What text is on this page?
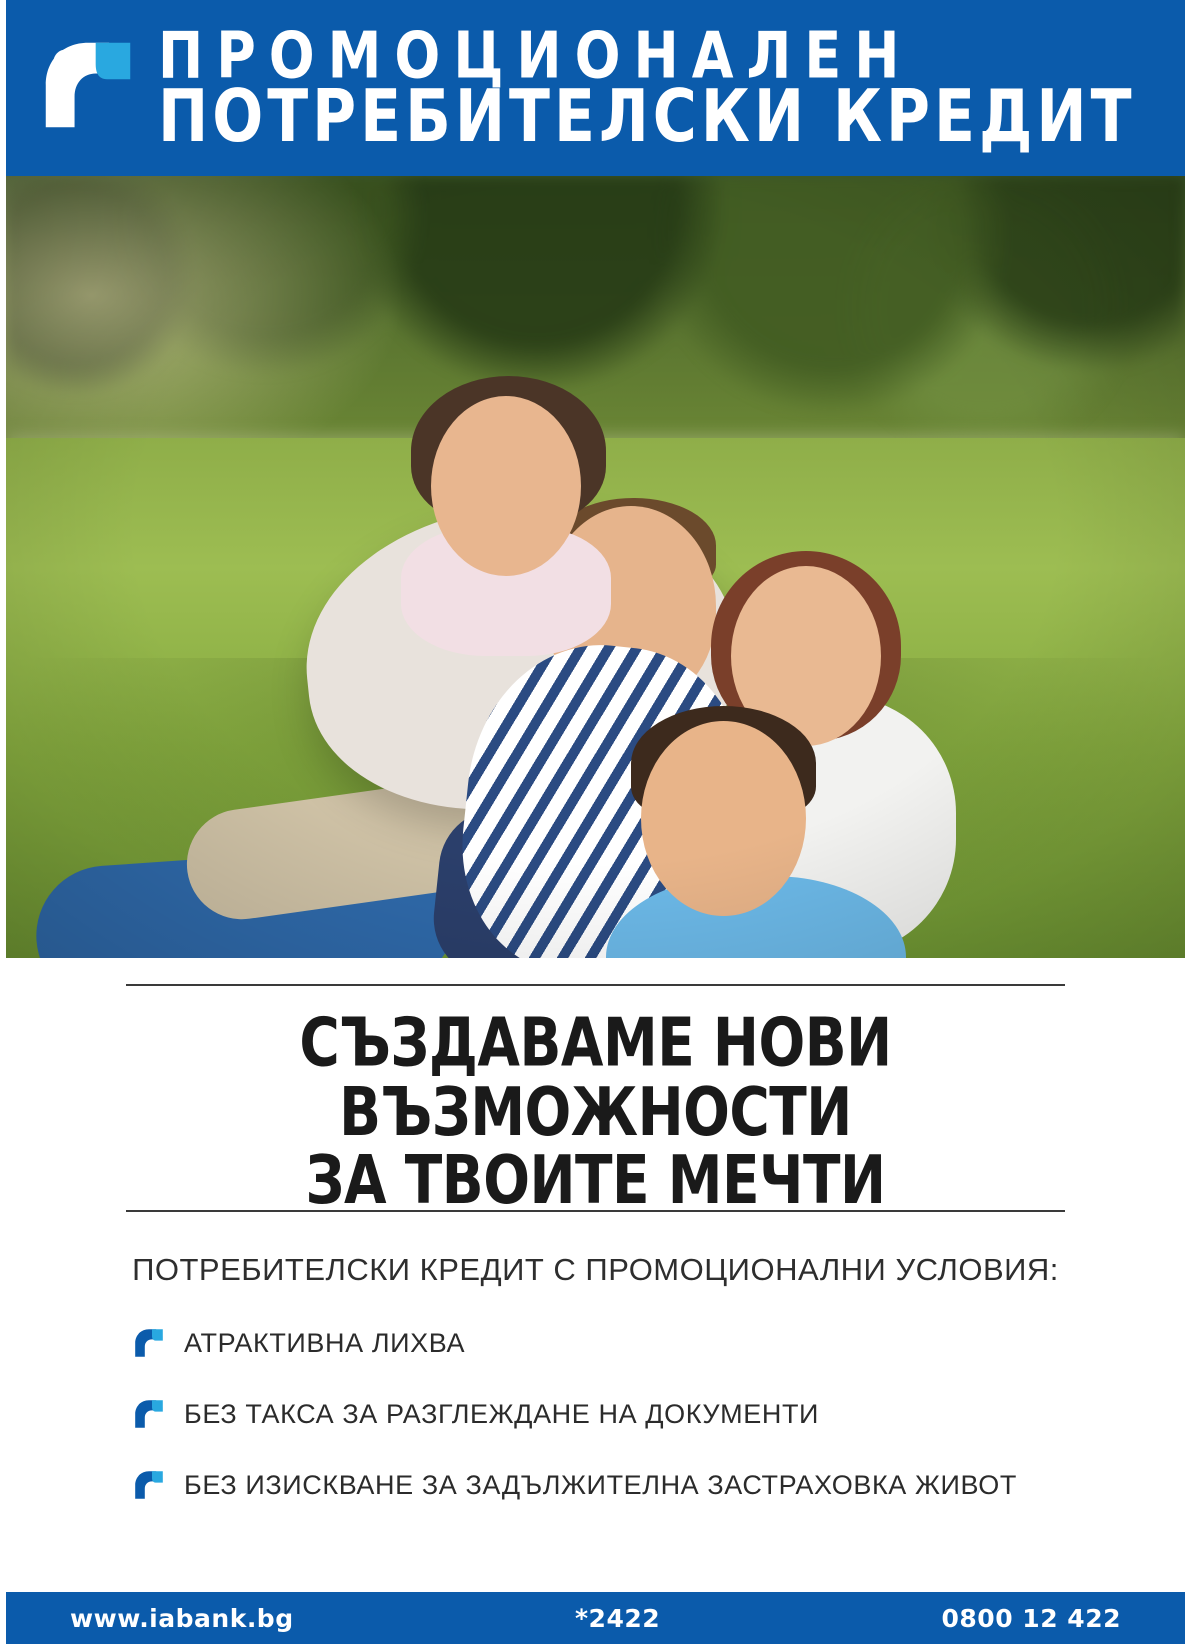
ПРОМОЦИОНАЛЕН
ПОТРЕБИТЕЛСКИ КРЕДИТ
СЪЗДАВАМЕ НОВИ ВЪЗМОЖНОСТИ
ЗА ТВОИТЕ МЕЧТИ
ПОТРЕБИТЕЛСКИ КРЕДИТ С ПРОМОЦИОНАЛНИ УСЛОВИЯ:
АТРАКТИВНА ЛИХВА
БЕЗ ТАКСА ЗА РАЗГЛЕЖДАНЕ НА ДОКУМЕНТИ
БЕЗ ИЗИСКВАНЕ ЗА ЗАДЪЛЖИТЕЛНА ЗАСТРАХОВКА ЖИВОТ
www.iabank.bg	*2422	0800 12 422
